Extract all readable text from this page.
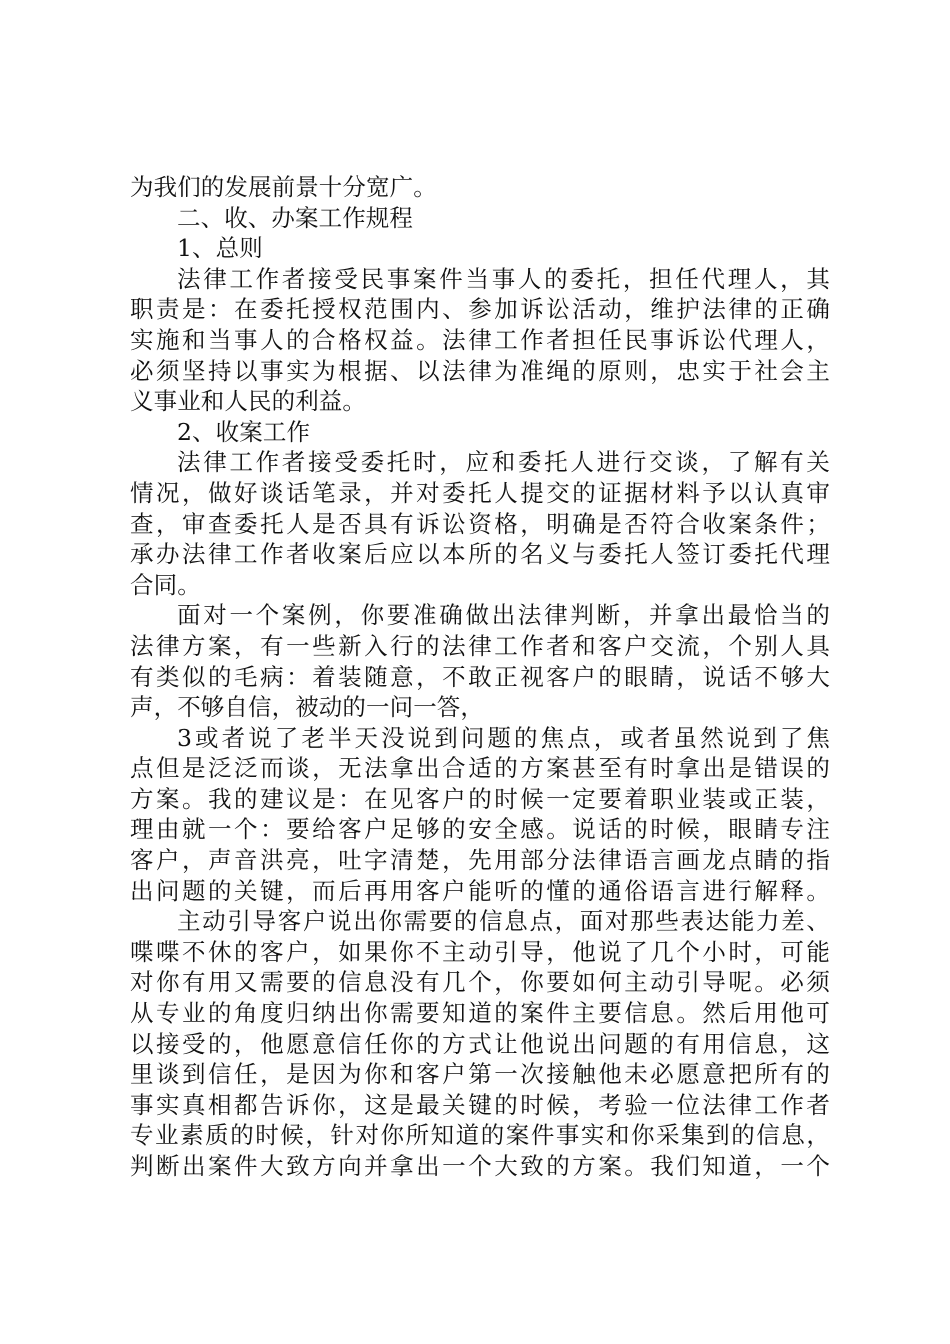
为我们的发展前景十分宽广。
二、收、办案工作规程
1、总则
法律工作者接受民事案件当事人的委托，担任代理人，其
职责是：在委托授权范围内、参加诉讼活动，维护法律的正确
实施和当事人的合格权益。法律工作者担任民事诉讼代理人，
必须坚持以事实为根据、以法律为准绳的原则，忠实于社会主
义事业和人民的利益。
2、收案工作
法律工作者接受委托时，应和委托人进行交谈，了解有关
情况，做好谈话笔录，并对委托人提交的证据材料予以认真审
查，审查委托人是否具有诉讼资格，明确是否符合收案条件；
承办法律工作者收案后应以本所的名义与委托人签订委托代理
合同。
面对一个案例，你要准确做出法律判断，并拿出最恰当的
法律方案，有一些新入行的法律工作者和客户交流，个别人具
有类似的毛病：着装随意，不敢正视客户的眼睛，说话不够大
声，不够自信，被动的一问一答，
3或者说了老半天没说到问题的焦点，或者虽然说到了焦
点但是泛泛而谈，无法拿出合适的方案甚至有时拿出是错误的
方案。我的建议是：在见客户的时候一定要着职业装或正装，
理由就一个：要给客户足够的安全感。说话的时候，眼睛专注
客户，声音洪亮，吐字清楚，先用部分法律语言画龙点睛的指
出问题的关键，而后再用客户能听的懂的通俗语言进行解释。
主动引导客户说出你需要的信息点，面对那些表达能力差、
喋喋不休的客户，如果你不主动引导，他说了几个小时，可能
对你有用又需要的信息没有几个，你要如何主动引导呢。必须
从专业的角度归纳出你需要知道的案件主要信息。然后用他可
以接受的，他愿意信任你的方式让他说出问题的有用信息，这
里谈到信任，是因为你和客户第一次接触他未必愿意把所有的
事实真相都告诉你，这是最关键的时候，考验一位法律工作者
专业素质的时候，针对你所知道的案件事实和你采集到的信息，
判断出案件大致方向并拿出一个大致的方案。我们知道，一个
